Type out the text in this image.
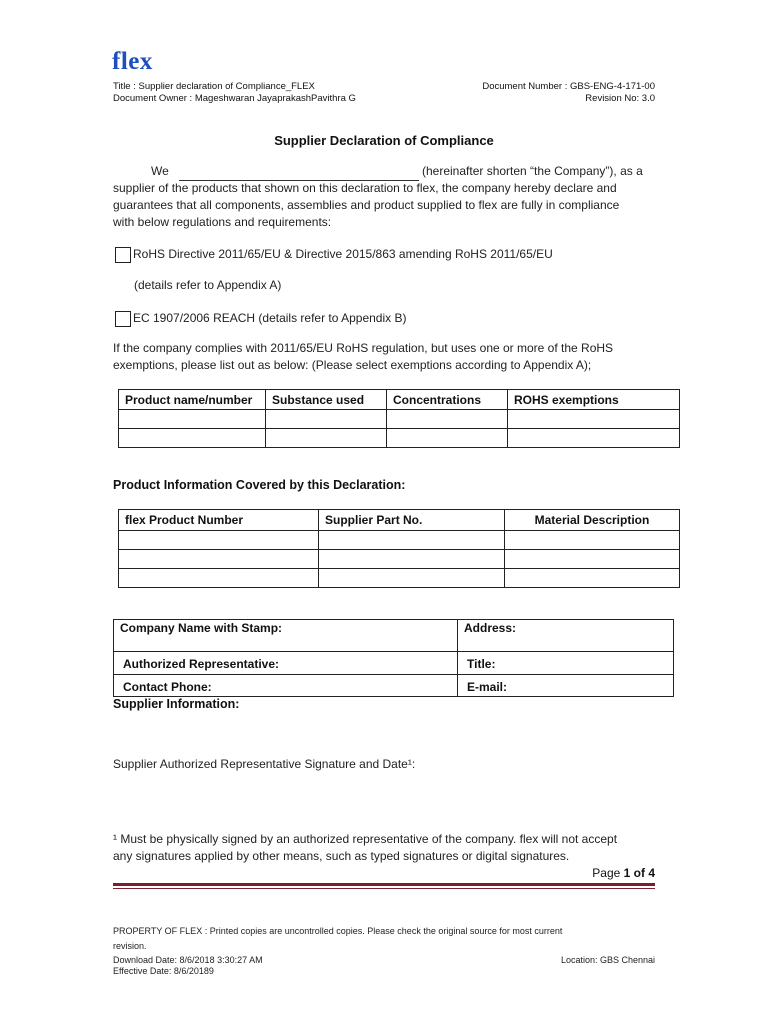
flex
Title : Supplier declaration of Compliance_FLEX
Document Owner : Mageshwaran JayaprakashPavithra G
Document Number : GBS-ENG-4-171-00
Revision No: 3.0
Supplier Declaration of Compliance
We	(hereinafter shorten “the Company”), as a
supplier of the products that shown on this declaration to flex, the company hereby declare and
guarantees that all components, assemblies and product supplied to flex are fully in compliance
with below regulations and requirements:
RoHS Directive 2011/65/EU & Directive 2015/863 amending RoHS 2011/65/EU
(details refer to Appendix A)
EC 1907/2006 REACH (details refer to Appendix B)
If the company complies with 2011/65/EU RoHS regulation, but uses one or more of the RoHS
exemptions, please list out as below: (Please select exemptions according to Appendix A);
Product name/number	Substance used	Concentrations	ROHS exemptions

Product Information Covered by this Declaration:
flex Product Number	Supplier Part No.	Material Description

Company Name with Stamp:	Address:
Authorized Representative:	Title:
Contact Phone:	E-mail:
Supplier Information:
Supplier Authorized Representative Signature and Date¹:
¹ Must be physically signed by an authorized representative of the company. flex will not accept
any signatures applied by other means, such as typed signatures or digital signatures.
Page 1 of 4
PROPERTY OF FLEX : Printed copies are uncontrolled copies. Please check the original source for most current
revision.
Download Date: 8/6/2018 3:30:27 AM
Effective Date: 8/6/20189
Location: GBS Chennai
